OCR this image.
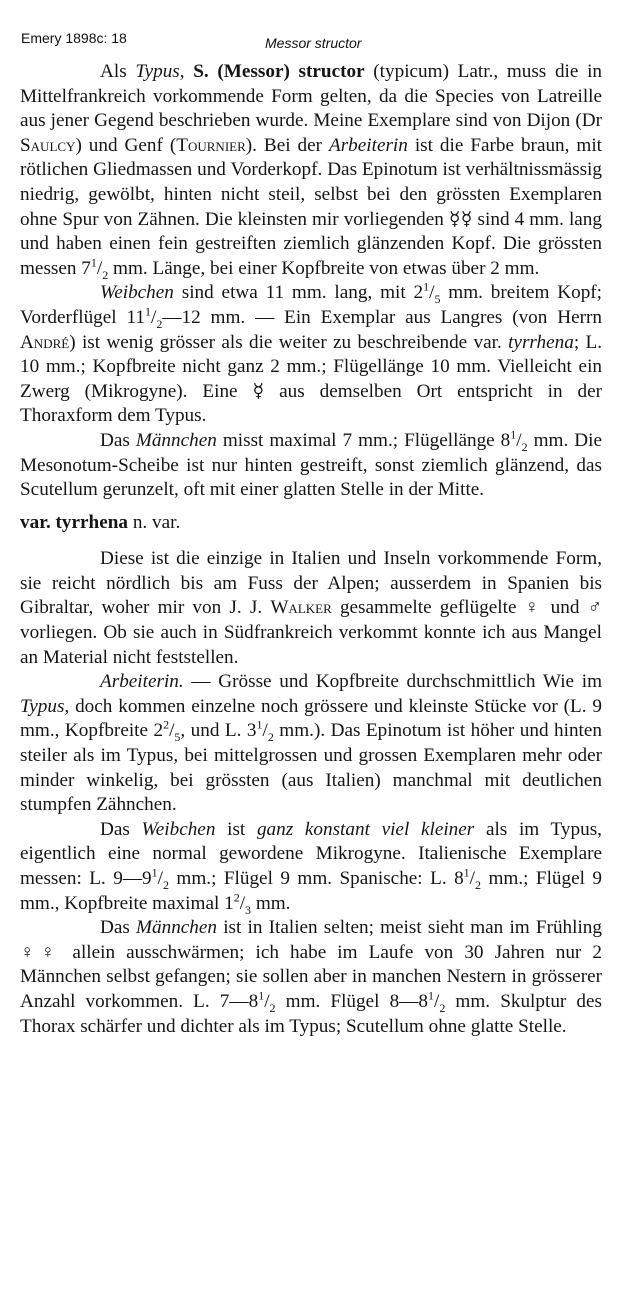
Emery 1898c: 18	Messor structor

Als Typus, S. (Messor) structor (typicum) Latr., muss die in Mittelfrankreich vorkommende Form gelten, da die Species von Latreille aus jener Gegend beschrieben wurde. Meine Exemplare sind von Dijon (Dr Saulcy) und Genf (Tournier). Bei der Arbeiterin ist die Farbe braun, mit rötlichen Gliedmassen und Vorderkopf. Das Epinotum ist verhältnissmässig niedrig, gewölbt, hinten nicht steil, selbst bei den grössten Exemplaren ohne Spur von Zähnen. Die kleinsten mir vorliegenden ☿☿ sind 4 mm. lang und haben einen fein gestreiften ziemlich glänzenden Kopf. Die grössten messen $7^1/_2$ mm. Länge, bei einer Kopfbreite von etwas über 2 mm.

Weibchen sind etwa 11 mm. lang, mit $2^1/_5$ mm. breitem Kopf; Vorderflügel $11^1/_2—12$ mm. — Ein Exemplar aus Langres (von Herrn André) ist wenig grösser als die weiter zu beschreibende var. tyrrhena; L. 10 mm.; Kopfbreite nicht ganz 2 mm.; Flügellänge 10 mm. Vielleicht ein Zwerg (Mikrogyne). Eine ☿ aus demselben Ort entspricht in der Thoraxform dem Typus.

Das Männchen misst maximal 7 mm.; Flügellänge $8^1/_2$ mm. Die Mesonotum-Scheibe ist nur hinten gestreift, sonst ziemlich glänzend, das Scutellum gerunzelt, oft mit einer glatten Stelle in der Mitte.

var. tyrrhena n. var.

Diese ist die einzige in Italien und Inseln vorkommende Form, sie reicht nördlich bis am Fuss der Alpen; ausserdem in Spanien bis Gibraltar, woher mir von J. J. Walker gesammelte geflügelte ♀ und ♂ vorliegen. Ob sie auch in Südfrankreich verkommt konnte ich aus Mangel an Material nicht feststellen.

Arbeiterin. — Grösse und Kopfbreite durchschmittlich Wie im Typus, doch kommen einzelne noch grössere und kleinste Stücke vor (L. 9 mm., Kopfbreite $2^2/_5$, und L. $3^1/_2$ mm.). Das Epinotum ist höher und hinten steiler als im Typus, bei mittelgrossen und grossen Exemplaren mehr oder minder winkelig, bei grössten (aus Italien) manchmal mit deutlichen stumpfen Zähnchen.

Das Weibchen ist ganz konstant viel kleiner als im Typus, eigentlich eine normal gewordene Mikrogyne. Italienische Exemplare messen: L. $9—9^1/_2$ mm.; Flügel 9 mm. Spanische: L. $8^1/_2$ mm.; Flügel 9 mm., Kopfbreite maximal $1^2/_3$ mm.

Das Männchen ist in Italien selten; meist sieht man im Frühling ♀♀ allein ausschwärmen; ich habe im Laufe von 30 Jahren nur 2 Männchen selbst gefangen; sie sollen aber in manchen Nestern in grösserer Anzahl vorkommen. L. $7—8^1/_2$ mm. Flügel $8—8^1/_2$ mm. Skulptur des Thorax schärfer und dichter als im Typus; Scutellum ohne glatte Stelle.
